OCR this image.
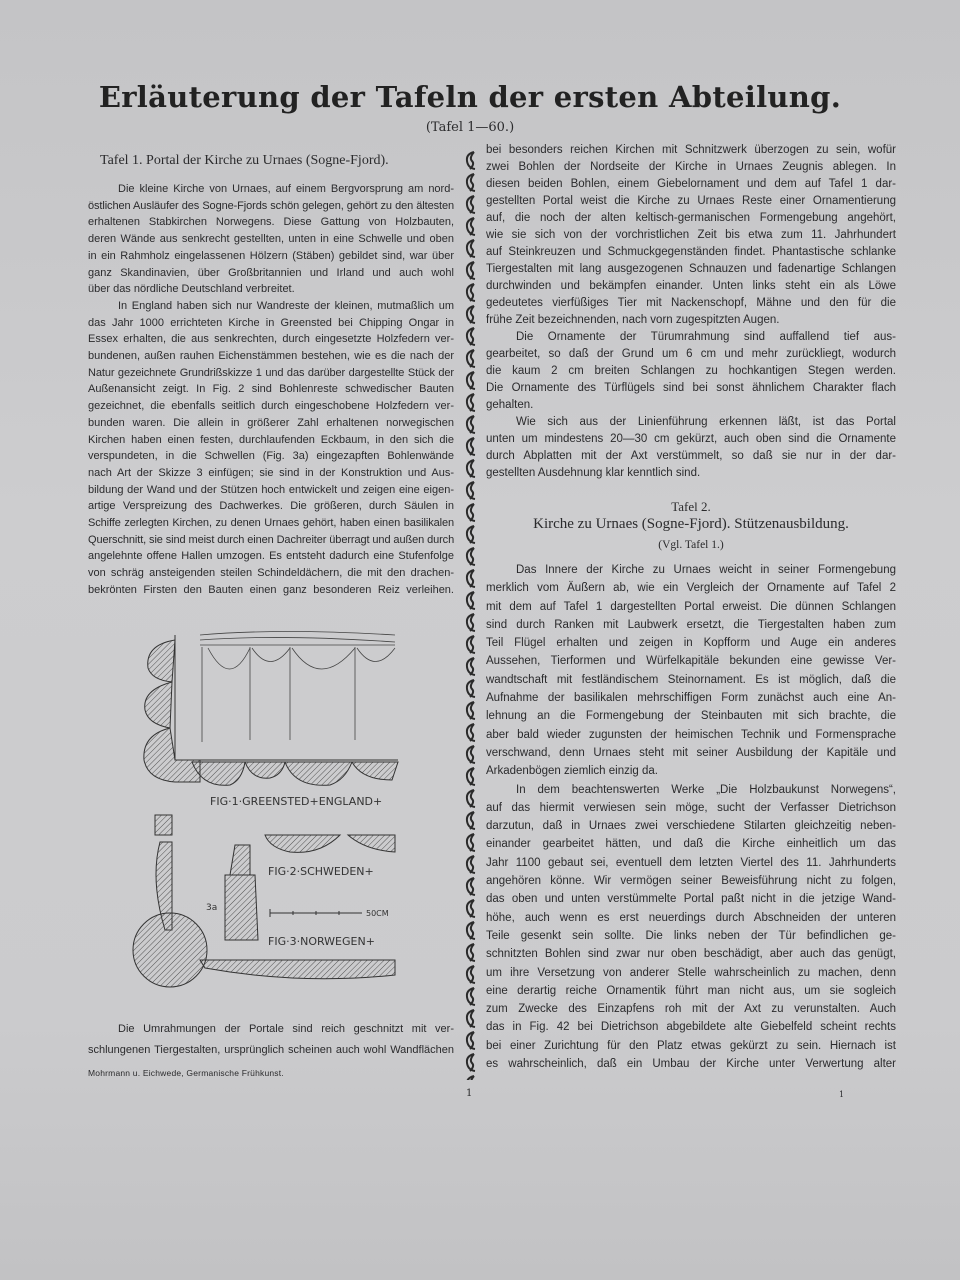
Erläuterung der Tafeln der ersten Abteilung.
(Tafel 1—60.)
Tafel 1. Portal der Kirche zu Urnaes (Sogne-Fjord).
Die kleine Kirche von Urnaes, auf einem Bergvorsprung am nord-
östlichen Ausläufer des Sogne-Fjords schön gelegen, gehört zu den ältesten
erhaltenen Stabkirchen Norwegens. Diese Gattung von Holzbauten,
deren Wände aus senkrecht gestellten, unten in eine Schwelle und oben
in ein Rahmholz eingelassenen Hölzern (Stäben) gebildet sind, war über
ganz Skandinavien, über Großbritannien und Irland und auch wohl
über das nördliche Deutschland verbreitet.
In England haben sich nur Wandreste der kleinen, mutmaßlich um
das Jahr 1000 errichteten Kirche in Greensted bei Chipping Ongar in
Essex erhalten, die aus senkrechten, durch eingesetzte Holzfedern ver-
bundenen, außen rauhen Eichenstämmen bestehen, wie es die nach der
Natur gezeichnete Grundrißskizze 1 und das darüber dargestellte Stück der
Außenansicht zeigt. In Fig. 2 sind Bohlenreste schwedischer Bauten
gezeichnet, die ebenfalls seitlich durch eingeschobene Holzfedern ver-
bunden waren. Die allein in größerer Zahl erhaltenen norwegischen
Kirchen haben einen festen, durchlaufenden Eckbaum, in den sich die
verspundeten, in die Schwellen (Fig. 3a) eingezapften Bohlenwände
nach Art der Skizze 3 einfügen; sie sind in der Konstruktion und Aus-
bildung der Wand und der Stützen hoch entwickelt und zeigen eine eigen-
artige Verspreizung des Dachwerkes. Die größeren, durch Säulen in
Schiffe zerlegten Kirchen, zu denen Urnaes gehört, haben einen basilikalen
Querschnitt, sie sind meist durch einen Dachreiter überragt und außen durch
angelehnte offene Hallen umzogen. Es entsteht dadurch eine Stufenfolge
von schräg ansteigenden steilen Schindeldächern, die mit den drachen-
bekrönten Firsten den Bauten einen ganz besonderen Reiz verleihen.
FIG·1·GREENSTED+ENGLAND+
FIG·2·SCHWEDEN+
3a
50CM
FIG·3·NORWEGEN+
Die Umrahmungen der Portale sind reich geschnitzt mit ver-
schlungenen Tiergestalten, ursprünglich scheinen auch wohl Wandflächen
Mohrmann u. Eichwede, Germanische Frühkunst.
1
bei besonders reichen Kirchen mit Schnitzwerk überzogen zu sein, wofür
zwei Bohlen der Nordseite der Kirche in Urnaes Zeugnis ablegen. In
diesen beiden Bohlen, einem Giebelornament und dem auf Tafel 1 dar-
gestellten Portal weist die Kirche zu Urnaes Reste einer Ornamentierung
auf, die noch der alten keltisch-germanischen Formengebung angehört,
wie sie sich von der vorchristlichen Zeit bis etwa zum 11. Jahrhundert
auf Steinkreuzen und Schmuckgegenständen findet. Phantastische schlanke
Tiergestalten mit lang ausgezogenen Schnauzen und fadenartige Schlangen
durchwinden und bekämpfen einander. Unten links steht ein als Löwe
gedeutetes vierfüßiges Tier mit Nackenschopf, Mähne und den für die
frühe Zeit bezeichnenden, nach vorn zugespitzten Augen.
Die Ornamente der Türumrahmung sind auffallend tief aus-
gearbeitet, so daß der Grund um 6 cm und mehr zurückliegt, wodurch
die kaum 2 cm breiten Schlangen zu hochkantigen Stegen werden.
Die Ornamente des Türflügels sind bei sonst ähnlichem Charakter flach
gehalten.
Wie sich aus der Linienführung erkennen läßt, ist das Portal
unten um mindestens 20—30 cm gekürzt, auch oben sind die Ornamente
durch Abplatten mit der Axt verstümmelt, so daß sie nur in der dar-
gestellten Ausdehnung klar kenntlich sind.
Tafel 2.
Kirche zu Urnaes (Sogne-Fjord). Stützenausbildung.
(Vgl. Tafel 1.)
Das Innere der Kirche zu Urnaes weicht in seiner Formengebung
merklich vom Äußern ab, wie ein Vergleich der Ornamente auf Tafel 2
mit dem auf Tafel 1 dargestellten Portal erweist. Die dünnen Schlangen
sind durch Ranken mit Laubwerk ersetzt, die Tiergestalten haben zum
Teil Flügel erhalten und zeigen in Kopfform und Auge ein anderes
Aussehen, Tierformen und Würfelkapitäle bekunden eine gewisse Ver-
wandtschaft mit festländischem Steinornament. Es ist möglich, daß die
Aufnahme der basilikalen mehrschiffigen Form zunächst auch eine An-
lehnung an die Formengebung der Steinbauten mit sich brachte, die
aber bald wieder zugunsten der heimischen Technik und Formensprache
verschwand, denn Urnaes steht mit seiner Ausbildung der Kapitäle und
Arkadenbögen ziemlich einzig da.
In dem beachtenswerten Werke „Die Holzbaukunst Norwegens“,
auf das hiermit verwiesen sein möge, sucht der Verfasser Dietrichson
darzutun, daß in Urnaes zwei verschiedene Stilarten gleichzeitig neben-
einander gearbeitet hätten, und daß die Kirche einheitlich um das
Jahr 1100 gebaut sei, eventuell dem letzten Viertel des 11. Jahrhunderts
angehören könne. Wir vermögen seiner Beweisführung nicht zu folgen,
das oben und unten verstümmelte Portal paßt nicht in die jetzige Wand-
höhe, auch wenn es erst neuerdings durch Abschneiden der unteren
Teile gesenkt sein sollte. Die links neben der Tür befindlichen ge-
schnitzten Bohlen sind zwar nur oben beschädigt, aber auch das genügt,
um ihre Versetzung von anderer Stelle wahrscheinlich zu machen, denn
eine derartig reiche Ornamentik führt man nicht aus, um sie sogleich
zum Zwecke des Einzapfens roh mit der Axt zu verunstalten. Auch
das in Fig. 42 bei Dietrichson abgebildete alte Giebelfeld scheint rechts
bei einer Zurichtung für den Platz etwas gekürzt zu sein. Hiernach ist
es wahrscheinlich, daß ein Umbau der Kirche unter Verwertung alter
1
